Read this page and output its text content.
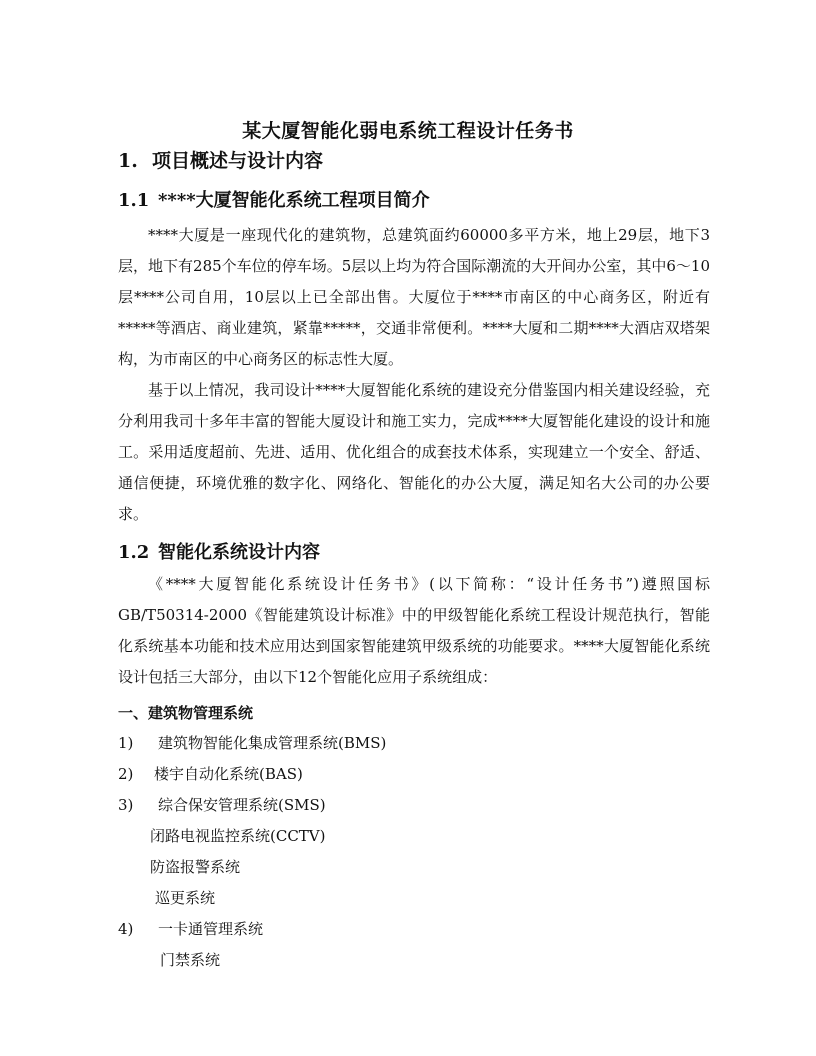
某大厦智能化弱电系统工程设计任务书
1. 项目概述与设计内容
1.1 ****大厦智能化系统工程项目简介
****大厦是一座现代化的建筑物，总建筑面约60000多平方米，地上29层，地下3层，地下有285个车位的停车场。5层以上均为符合国际潮流的大开间办公室，其中6～10层****公司自用，10层以上已全部出售。大厦位于****市南区的中心商务区，附近有*****等酒店、商业建筑，紧靠*****，交通非常便利。****大厦和二期****大酒店双塔架构，为市南区的中心商务区的标志性大厦。
基于以上情况，我司设计****大厦智能化系统的建设充分借鉴国内相关建设经验，充分利用我司十多年丰富的智能大厦设计和施工实力，完成****大厦智能化建设的设计和施工。采用适度超前、先进、适用、优化组合的成套技术体系，实现建立一个安全、舒适、通信便捷，环境优雅的数字化、网络化、智能化的办公大厦，满足知名大公司的办公要求。
1.2 智能化系统设计内容
《****大厦智能化系统设计任务书》(以下简称：“设计任务书”)遵照国标GB/T50314-2000《智能建筑设计标准》中的甲级智能化系统工程设计规范执行，智能化系统基本功能和技术应用达到国家智能建筑甲级系统的功能要求。****大厦智能化系统设计包括三大部分，由以下12个智能化应用子系统组成：
一、建筑物管理系统
1) 建筑物智能化集成管理系统(BMS)
2) 楼宇自动化系统(BAS)
3) 综合保安管理系统(SMS)
闭路电视监控系统(CCTV)
防盗报警系统
巡更系统
4) 一卡通管理系统
门禁系统
